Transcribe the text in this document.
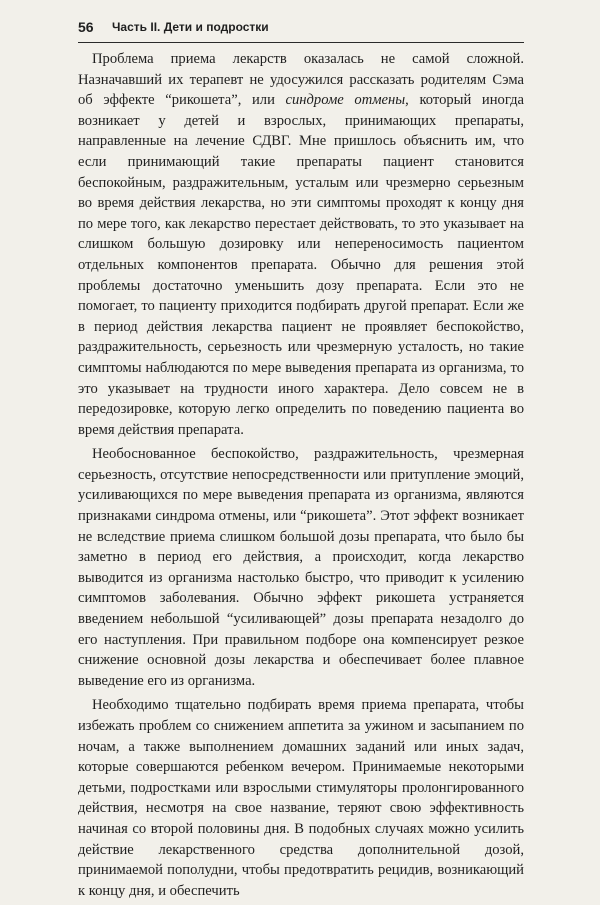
56 Часть II. Дети и подростки

Проблема приема лекарств оказалась не самой сложной. Назначавший их терапевт не удосужился рассказать родителям Сэма об эффекте “рикошета”, или синдроме отмены, который иногда возникает у детей и взрослых, принимающих препараты, направленные на лечение СДВГ. Мне пришлось объяснить им, что если принимающий такие препараты пациент становится беспокойным, раздражительным, усталым или чрезмерно серьезным во время действия лекарства, но эти симптомы проходят к концу дня по мере того, как лекарство перестает действовать, то это указывает на слишком большую дозировку или непереносимость пациентом отдельных компонентов препарата. Обычно для решения этой проблемы достаточно уменьшить дозу препарата. Если это не помогает, то пациенту приходится подбирать другой препарат. Если же в период действия лекарства пациент не проявляет беспокойство, раздражительность, серьезность или чрезмерную усталость, но такие симптомы наблюдаются по мере выведения препарата из организма, то это указывает на трудности иного характера. Дело совсем не в передозировке, которую легко определить по поведению пациента во время действия препарата.

Необоснованное беспокойство, раздражительность, чрезмерная серьезность, отсутствие непосредственности или притупление эмоций, усиливающихся по мере выведения препарата из организма, являются признаками синдрома отмены, или “рикошета”. Этот эффект возникает не вследствие приема слишком большой дозы препарата, что было бы заметно в период его действия, а происходит, когда лекарство выводится из организма настолько быстро, что приводит к усилению симптомов заболевания. Обычно эффект рикошета устраняется введением небольшой “усиливающей” дозы препарата незадолго до его наступления. При правильном подборе она компенсирует резкое снижение основной дозы лекарства и обеспечивает более плавное выведение его из организма.

Необходимо тщательно подбирать время приема препарата, чтобы избежать проблем со снижением аппетита за ужином и засыпанием по ночам, а также выполнением домашних заданий или иных задач, которые совершаются ребенком вечером. Принимаемые некоторыми детьми, подростками или взрослыми стимуляторы пролонгированного действия, несмотря на свое название, теряют свою эффективность начиная со второй половины дня. В подобных случаях можно усилить действие лекарственного средства дополнительной дозой, принимаемой пополудни, чтобы предотвратить рецидив, возникающий к концу дня, и обеспечить
